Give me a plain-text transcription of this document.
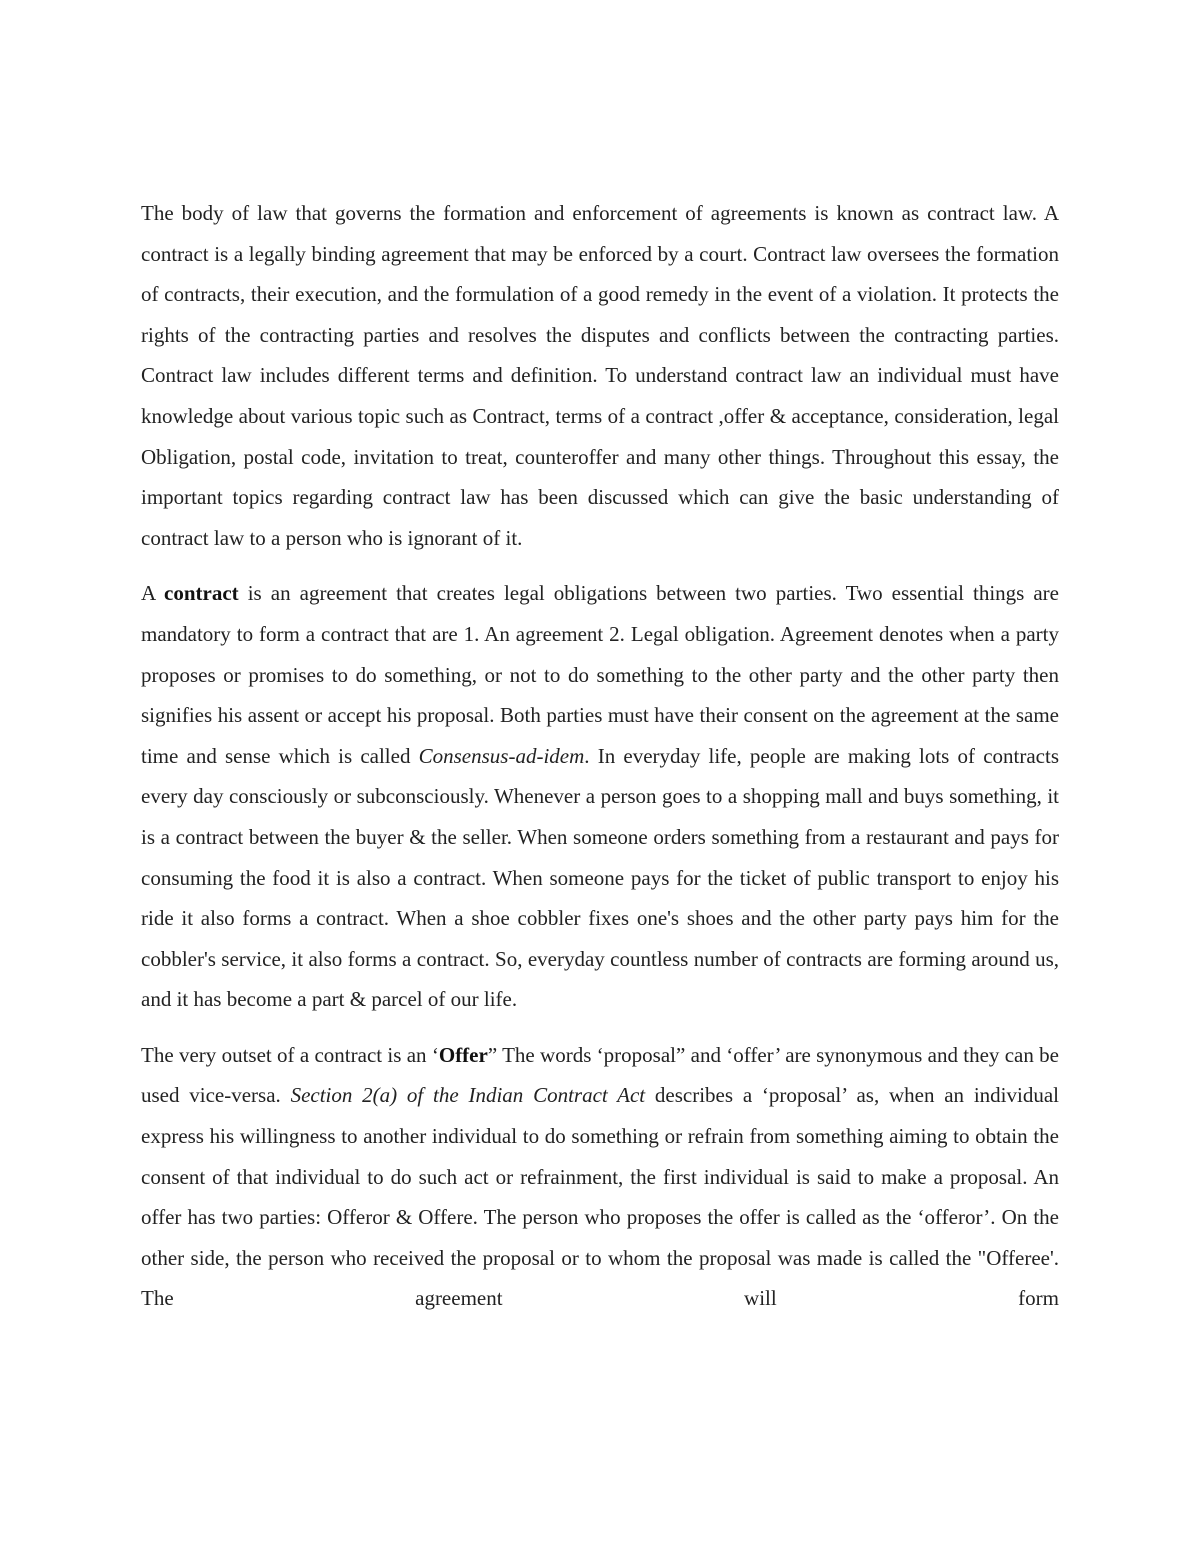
The body of law that governs the formation and enforcement of agreements is known as contract law. A contract is a legally binding agreement that may be enforced by a court. Contract law oversees the formation of contracts, their execution, and the formulation of a good remedy in the event of a violation. It protects the rights of the contracting parties and resolves the disputes and conflicts between the contracting parties. Contract law includes different terms and definition. To understand contract law an individual must have knowledge about various topic such as Contract, terms of a contract ,offer & acceptance, consideration, legal Obligation, postal code, invitation to treat, counteroffer and many other things. Throughout this essay, the important topics regarding contract law has been discussed which can give the basic understanding of contract law to a person who is ignorant of it.

A contract is an agreement that creates legal obligations between two parties. Two essential things are mandatory to form a contract that are 1. An agreement 2. Legal obligation. Agreement denotes when a party proposes or promises to do something, or not to do something to the other party and the other party then signifies his assent or accept his proposal. Both parties must have their consent on the agreement at the same time and sense which is called Consensus-ad-idem. In everyday life, people are making lots of contracts every day consciously or subconsciously. Whenever a person goes to a shopping mall and buys something, it is a contract between the buyer & the seller. When someone orders something from a restaurant and pays for consuming the food it is also a contract. When someone pays for the ticket of public transport to enjoy his ride it also forms a contract. When a shoe cobbler fixes one's shoes and the other party pays him for the cobbler's service, it also forms a contract. So, everyday countless number of contracts are forming around us, and it has become a part & parcel of our life.

The very outset of a contract is an ‘Offer” The words ‘proposal” and ‘offer’ are synonymous and they can be used vice-versa. Section 2(a) of the Indian Contract Act describes a ‘proposal’ as, when an individual express his willingness to another individual to do something or refrain from something aiming to obtain the consent of that individual to do such act or refrainment, the first individual is said to make a proposal. An offer has two parties: Offeror & Offere. The person who proposes the offer is called as the ‘offeror’. On the other side, the person who received the proposal or to whom the proposal was made is called the "Offeree'. The agreement will form
